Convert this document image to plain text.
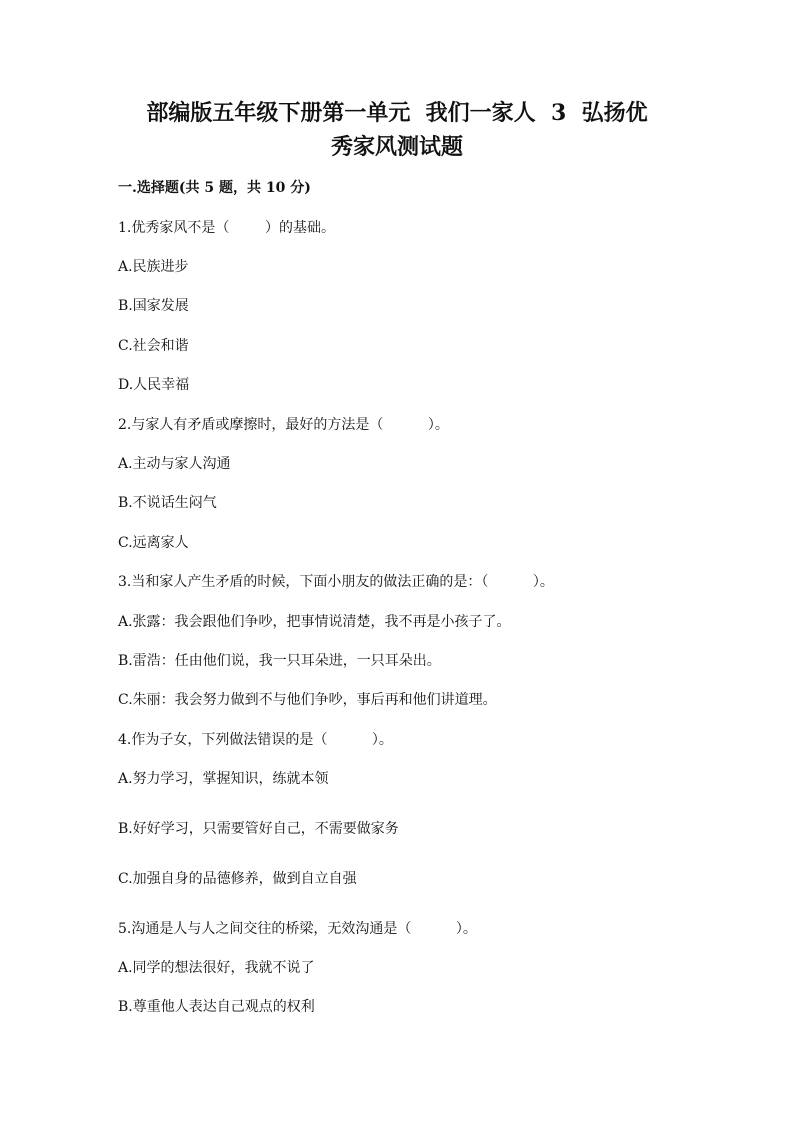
部编版五年级下册第一单元  我们一家人  3  弘扬优
秀家风测试题
一.选择题(共 5 题，共 10 分)
1.优秀家风不是（        ）的基础。
A.民族进步
B.国家发展
C.社会和谐
D.人民幸福
2.与家人有矛盾或摩擦时，最好的方法是（          ）。
A.主动与家人沟通
B.不说话生闷气
C.远离家人
3.当和家人产生矛盾的时候，下面小朋友的做法正确的是：（          ）。
A.张露：我会跟他们争吵，把事情说清楚，我不再是小孩子了。
B.雷浩：任由他们说，我一只耳朵进，一只耳朵出。
C.朱丽：我会努力做到不与他们争吵，事后再和他们讲道理。
4.作为子女，下列做法错误的是（          ）。
A.努力学习，掌握知识，练就本领
B.好好学习，只需要管好自己，不需要做家务
C.加强自身的品德修养，做到自立自强
5.沟通是人与人之间交往的桥梁，无效沟通是（          ）。
A.同学的想法很好，我就不说了
B.尊重他人表达自己观点的权利
